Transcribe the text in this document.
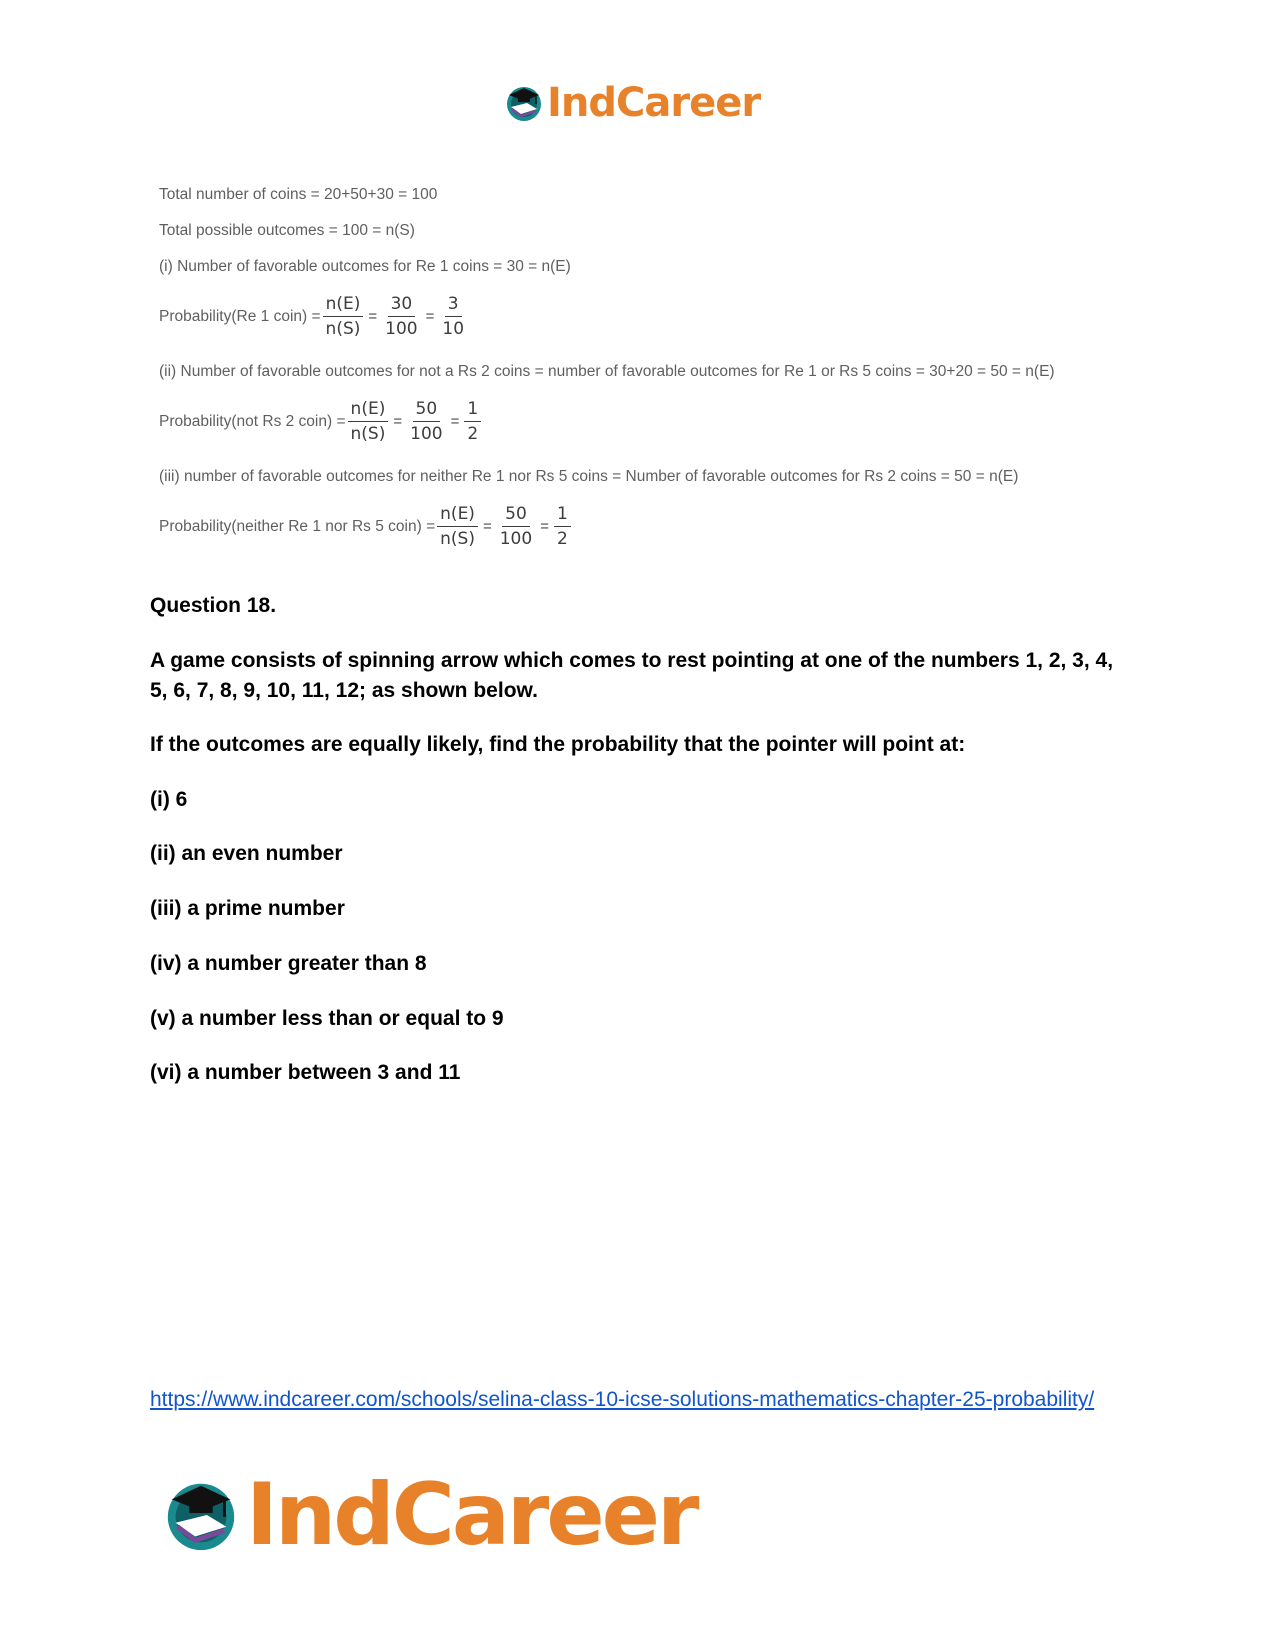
IndCareer
Total number of coins = 20+50+30 = 100
Total possible outcomes = 100 = n(S)
(i) Number of favorable outcomes for Re 1 coins = 30 = n(E)
Probability(Re 1 coin) = $\frac{n(E)}{n(S)} = \frac{30}{100} = \frac{3}{10}$
(ii) Number of favorable outcomes for not a Rs 2 coins = number of favorable outcomes for Re 1 or Rs 5 coins = 30+20 = 50 = n(E)
Probability(not Rs 2 coin) = $\frac{n(E)}{n(S)} = \frac{50}{100} = \frac{1}{2}$
(iii) number of favorable outcomes for neither Re 1 nor Rs 5 coins = Number of favorable outcomes for Rs 2 coins = 50 = n(E)
Probability(neither Re 1 nor Rs 5 coin) = $\frac{n(E)}{n(S)} = \frac{50}{100} = \frac{1}{2}$
Question 18.
A game consists of spinning arrow which comes to rest pointing at one of the numbers 1, 2, 3, 4, 5, 6, 7, 8, 9, 10, 11, 12; as shown below.
If the outcomes are equally likely, find the probability that the pointer will point at:
(i) 6
(ii) an even number
(iii) a prime number
(iv) a number greater than 8
(v) a number less than or equal to 9
(vi) a number between 3 and 11
https://www.indcareer.com/schools/selina-class-10-icse-solutions-mathematics-chapter-25-probability/
IndCareer
